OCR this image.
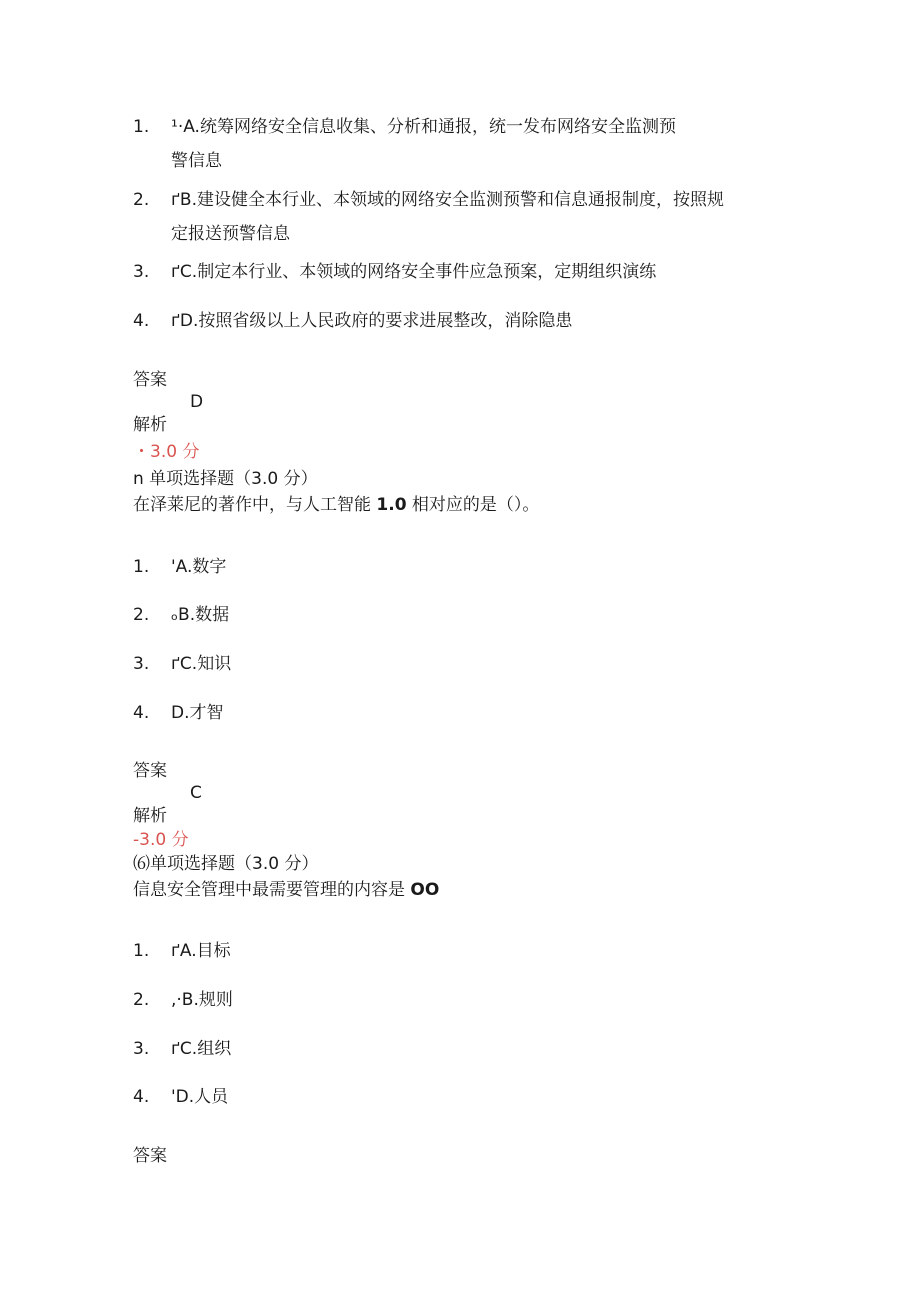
1. ¹·A.统筹网络安全信息收集、分析和通报，统一发布网络安全监测预
警信息
2. ґB.建设健全本行业、本领域的网络安全监测预警和信息通报制度，按照规
定报送预警信息
3. ґC.制定本行业、本领域的网络安全事件应急预案，定期组织演练
4. ґD.按照省级以上人民政府的要求进展整改，消除隐患
答案
D
解析
・3.0 分
n 单项选择题（3.0 分）
在泽莱尼的著作中，与人工智能 1.0 相对应的是（）。
1. 'A.数字
2. ₒB.数据
3. ґC.知识
4. D.才智
答案
C
解析
-3.0 分
⑹单项选择题（3.0 分）
信息安全管理中最需要管理的内容是 OO
1. ґA.目标
2. ,·B.规则
3. ґC.组织
4. 'D.人员
答案
